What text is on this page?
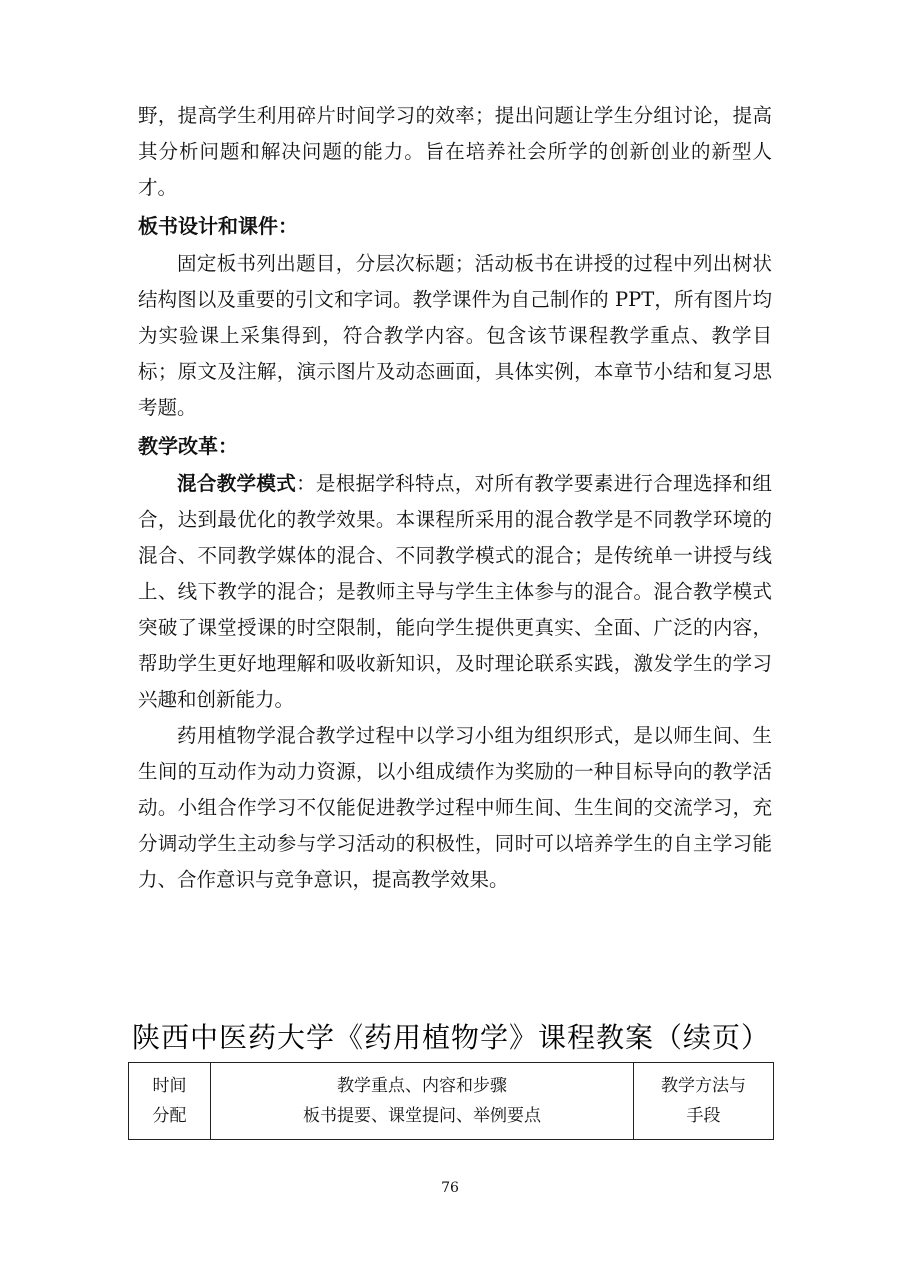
野，提高学生利用碎片时间学习的效率；提出问题让学生分组讨论，提高其分析问题和解决问题的能力。旨在培养社会所学的创新创业的新型人才。

板书设计和课件：

固定板书列出题目，分层次标题；活动板书在讲授的过程中列出树状结构图以及重要的引文和字词。教学课件为自己制作的 PPT，所有图片均为实验课上采集得到，符合教学内容。包含该节课程教学重点、教学目标；原文及注解，演示图片及动态画面，具体实例，本章节小结和复习思考题。

教学改革：

混合教学模式：是根据学科特点，对所有教学要素进行合理选择和组合，达到最优化的教学效果。本课程所采用的混合教学是不同教学环境的混合、不同教学媒体的混合、不同教学模式的混合；是传统单一讲授与线上、线下教学的混合；是教师主导与学生主体参与的混合。混合教学模式突破了课堂授课的时空限制，能向学生提供更真实、全面、广泛的内容，帮助学生更好地理解和吸收新知识，及时理论联系实践，激发学生的学习兴趣和创新能力。

药用植物学混合教学过程中以学习小组为组织形式，是以师生间、生生间的互动作为动力资源，以小组成绩作为奖励的一种目标导向的教学活动。小组合作学习不仅能促进教学过程中师生间、生生间的交流学习，充分调动学生主动参与学习活动的积极性，同时可以培养学生的自主学习能力、合作意识与竞争意识，提高教学效果。

陕西中医药大学《药用植物学》课程教案（续页）
时间
分配

教学重点、内容和步骤
板书提要、课堂提问、举例要点

教学方法与
手段
76
